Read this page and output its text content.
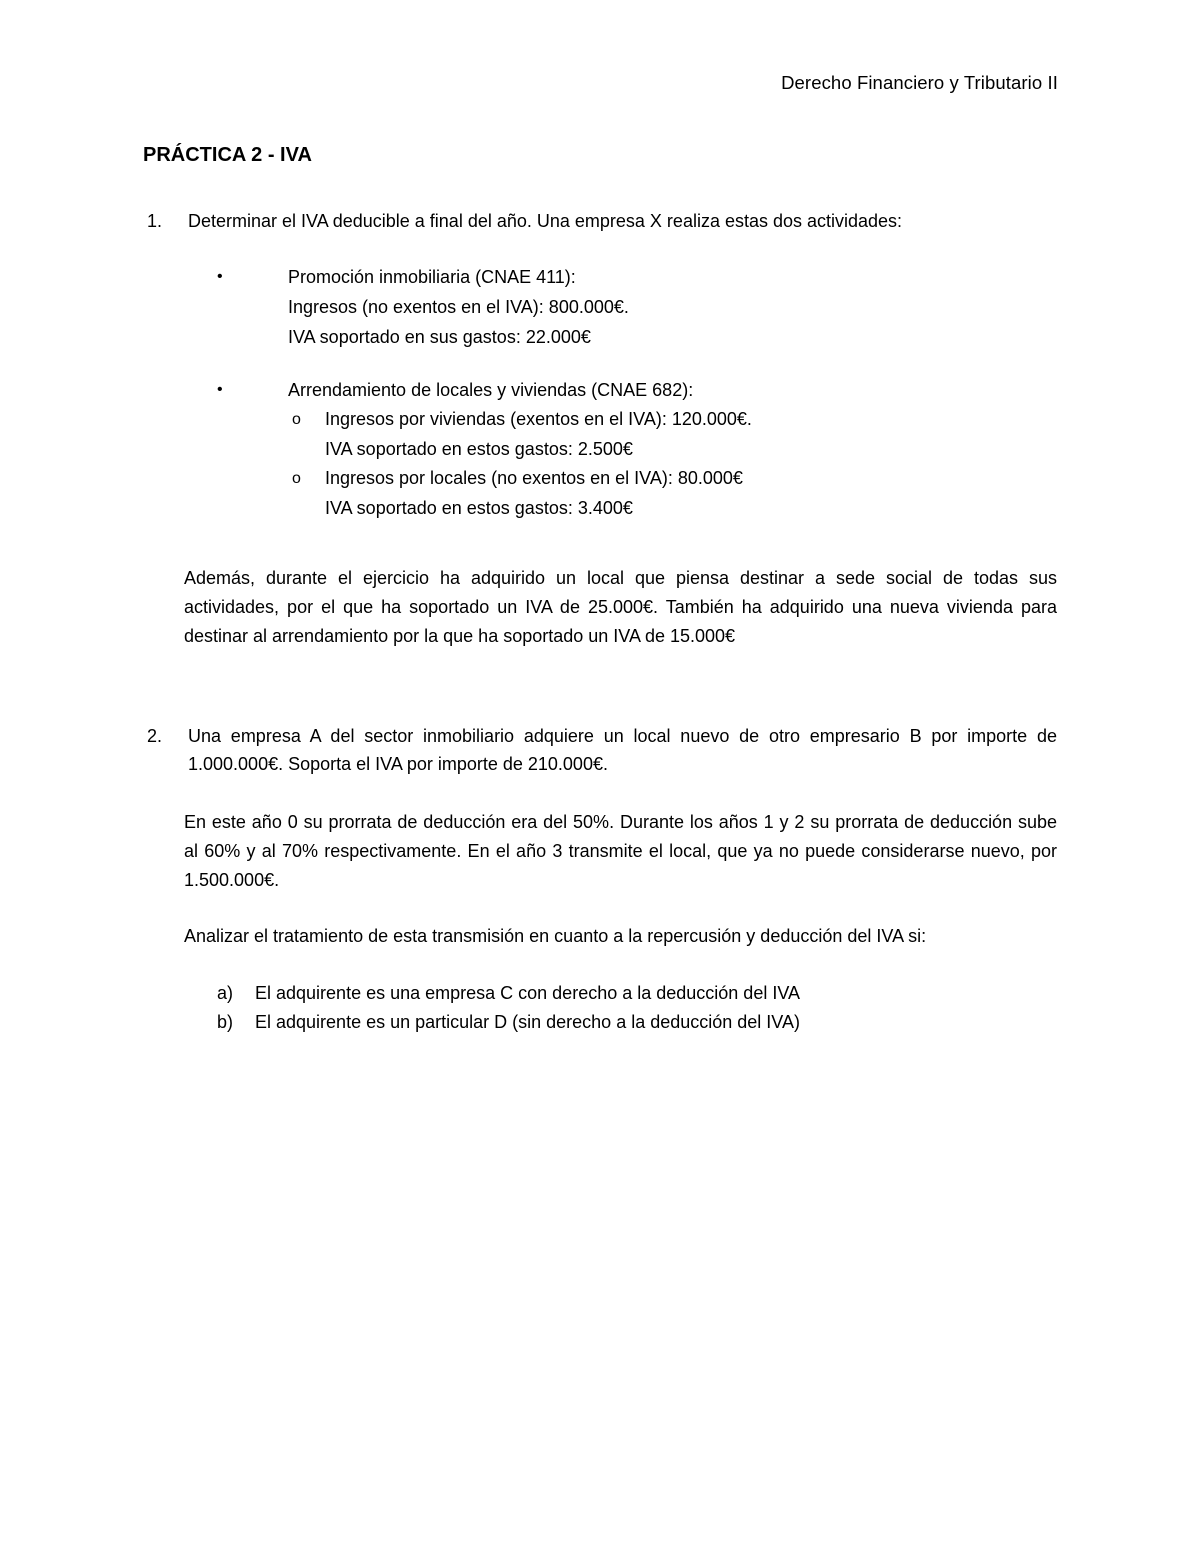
Derecho Financiero y Tributario II
PRÁCTICA 2 - IVA
1.	Determinar el IVA deducible a final del año. Una empresa X realiza estas dos actividades:
•	Promoción inmobiliaria (CNAE 411):
Ingresos (no exentos en el IVA): 800.000€.
IVA soportado en sus gastos: 22.000€
•	Arrendamiento de locales y viviendas (CNAE 682):
o	Ingresos por viviendas (exentos en el IVA): 120.000€.
IVA soportado en estos gastos: 2.500€
o	Ingresos por locales (no exentos en el IVA): 80.000€
IVA soportado en estos gastos: 3.400€

Además, durante el ejercicio ha adquirido un local que piensa destinar a sede social de todas sus actividades, por el que ha soportado un IVA de 25.000€. También ha adquirido una nueva vivienda para destinar al arrendamiento por la que ha soportado un IVA de 15.000€

2.	Una empresa A del sector inmobiliario adquiere un local nuevo de otro empresario B por importe de 1.000.000€. Soporta el IVA por importe de 210.000€.

En este año 0 su prorrata de deducción era del 50%. Durante los años 1 y 2 su prorrata de deducción sube al 60% y al 70% respectivamente. En el año 3 transmite el local, que ya no puede considerarse nuevo, por 1.500.000€.

Analizar el tratamiento de esta transmisión en cuanto a la repercusión y deducción del IVA si:

a)	El adquirente es una empresa C con derecho a la deducción del IVA
b)	El adquirente es un particular D (sin derecho a la deducción del IVA)
